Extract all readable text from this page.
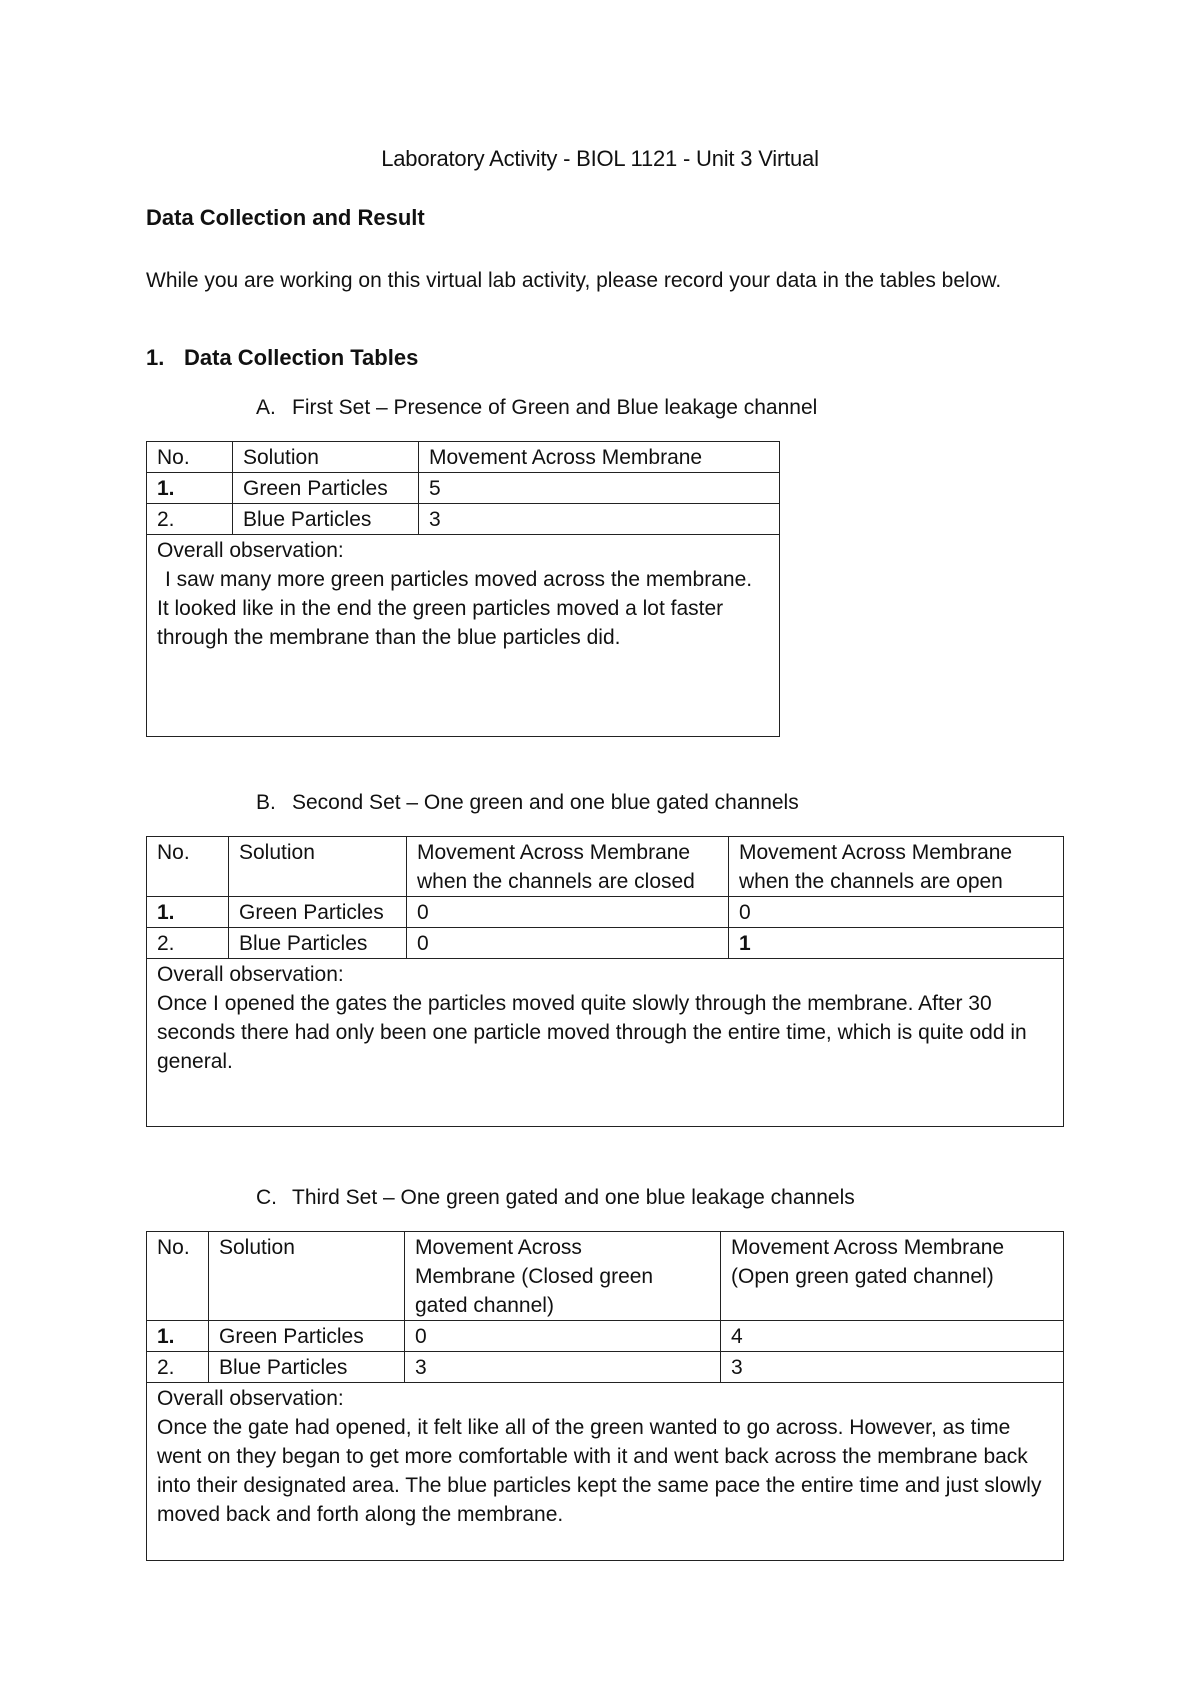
Laboratory Activity - BIOL 1121 - Unit 3 Virtual
Data Collection and Result
While you are working on this virtual lab activity, please record your data in the tables below.
1. Data Collection Tables
A. First Set – Presence of Green and Blue leakage channel
No.	Solution	Movement Across Membrane
1.	Green Particles	5
2.	Blue Particles	3

Overall observation:
I saw many more green particles moved across the membrane. It looked like in the end the green particles moved a lot faster through the membrane than the blue particles did.		
B. Second Set – One green and one blue gated channels
No.	Solution	Movement Across Membrane when the channels are closed	Movement Across Membrane when the channels are open
1.	Green Particles	0	0
2.	Blue Particles	0	1

Overall observation:
Once I opened the gates the particles moved quite slowly through the membrane. After 30 seconds there had only been one particle moved through the entire time, which is quite odd in general.			
C. Third Set – One green gated and one blue leakage channels
No.	Solution	Movement Across Membrane (Closed green gated channel)	Movement Across Membrane (Open green gated channel)
1.	Green Particles	0	4
2.	Blue Particles	3	3

Overall observation:
Once the gate had opened, it felt like all of the green wanted to go across. However, as time went on they began to get more comfortable with it and went back across the membrane back into their designated area. The blue particles kept the same pace the entire time and just slowly moved back and forth along the membrane.			
